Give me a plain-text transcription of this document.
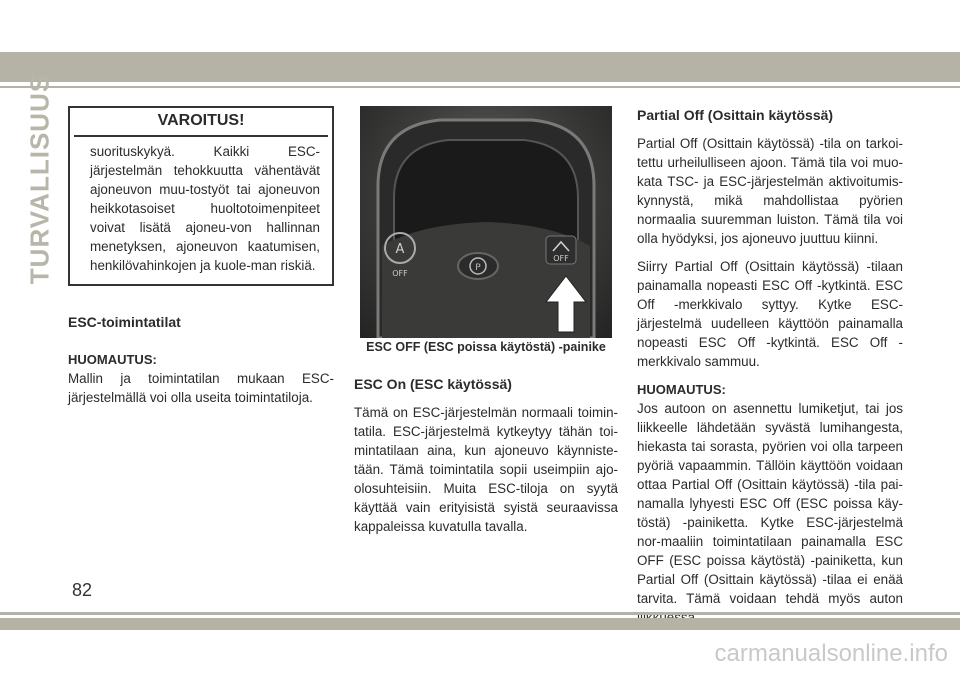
TURVALLISUUS	VAROITUS!

suorituskykyä. Kaikki ESC-järjestelmän tehokkuutta vähentävät ajoneuvon muu-tostyöt tai ajoneuvon heikkotasoiset huoltotoimenpiteet voivat lisätä ajoneu-von hallinnan menetyksen, ajoneuvon kaatumisen, henkilövahinkojen ja kuole-man riskiä.

ESC-toimintatilat

HUOMAUTUS:

Mallin ja toimintatilan mukaan ESC-järjestelmällä voi olla useita toimintatiloja.

A
OFF
P
OFF

ESC OFF (ESC poissa käytöstä) -painike

ESC On (ESC käytössä)

Tämä on ESC-järjestelmän normaali toimin-tatila. ESC-järjestelmä kytkeytyy tähän toi-mintatilaan aina, kun ajoneuvo käynniste-tään. Tämä toimintatila sopii useimpiin ajo-olosuhteisiin. Muita ESC-tiloja on syytä käyttää vain erityisistä syistä seuraavissa kappaleissa kuvatulla tavalla.

Partial Off (Osittain käytössä)

Partial Off (Osittain käytössä) -tila on tarkoi-tettu urheilulliseen ajoon. Tämä tila voi muo-kata TSC- ja ESC-järjestelmän aktivoitumis-kynnystä, mikä mahdollistaa pyörien normaalia suuremman luiston. Tämä tila voi olla hyödyksi, jos ajoneuvo juuttuu kiinni.

Siirry Partial Off (Osittain käytössä) -tilaan painamalla nopeasti ESC Off -kytkintä. ESC Off -merkkivalo syttyy. Kytke ESC-järjestelmä uudelleen käyttöön painamalla nopeasti ESC Off -kytkintä. ESC Off -merkkivalo sammuu.

HUOMAUTUS:

Jos autoon on asennettu lumiketjut, tai jos liikkeelle lähdetään syvästä lumihangesta, hiekasta tai sorasta, pyörien voi olla tarpeen pyöriä vapaammin. Tällöin käyttöön voidaan ottaa Partial Off (Osittain käytössä) -tila pai-namalla lyhyesti ESC Off (ESC poissa käy-töstä) -painiketta. Kytke ESC-järjestelmä nor-maaliin toimintatilaan painamalla ESC OFF (ESC poissa käytöstä) -painiketta, kun Partial Off (Osittain käytössä) -tilaa ei enää tarvita. Tämä voidaan tehdä myös auton

82
carmanualsonline.info
